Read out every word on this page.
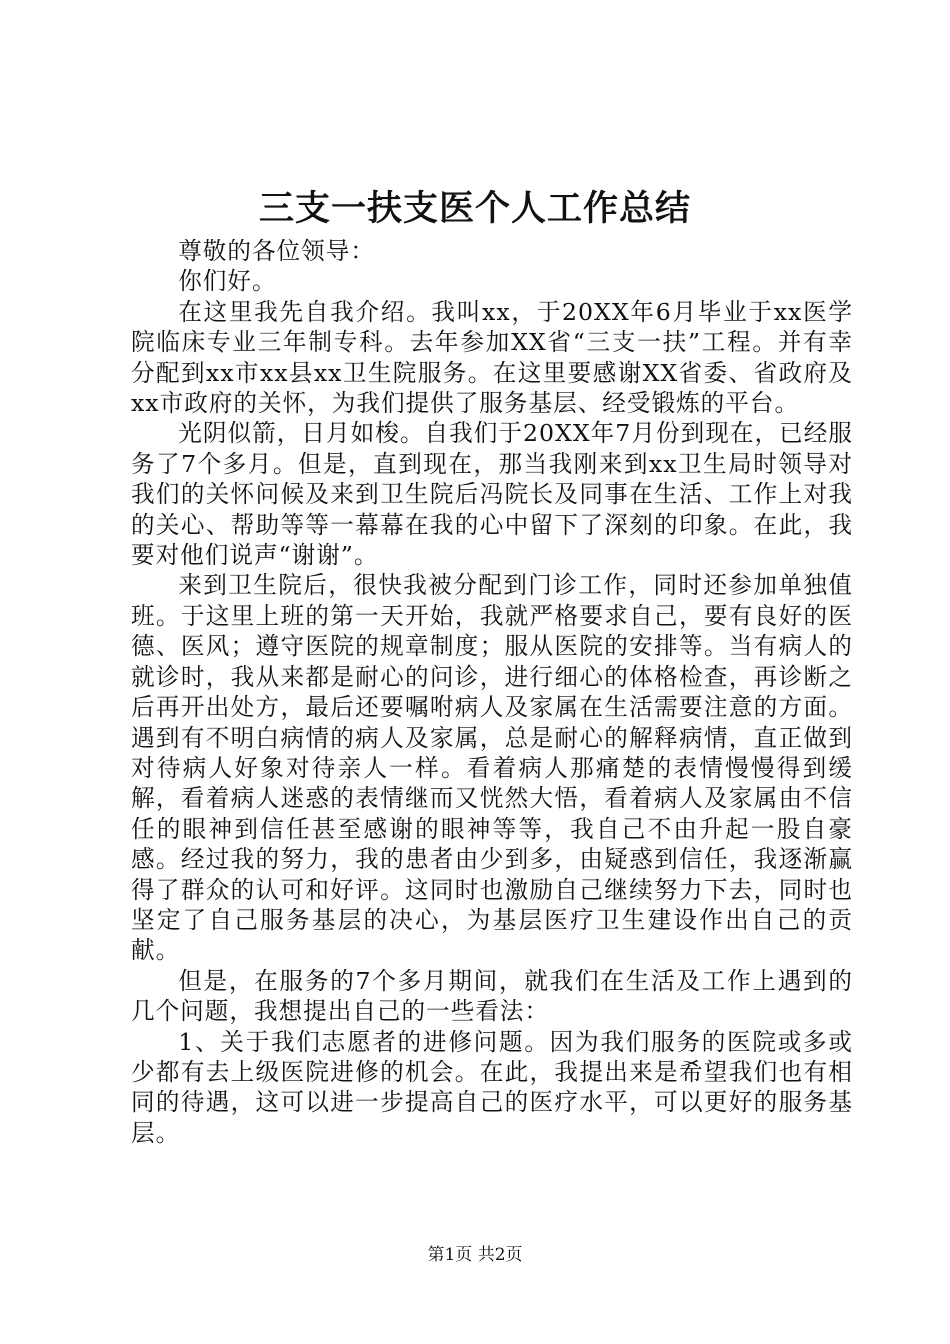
三支一扶支医个人工作总结

尊敬的各位领导：

你们好。

在这里我先自我介绍。我叫xx，于20XX年6月毕业于xx医学院临床专业三年制专科。去年参加XX省“三支一扶”工程。并有幸分配到xx市xx县xx卫生院服务。在这里要感谢XX省委、省政府及xx市政府的关怀，为我们提供了服务基层、经受锻炼的平台。

光阴似箭，日月如梭。自我们于20XX年7月份到现在，已经服务了7个多月。但是，直到现在，那当我刚来到xx卫生局时领导对我们的关怀问候及来到卫生院后冯院长及同事在生活、工作上对我的关心、帮助等等一幕幕在我的心中留下了深刻的印象。在此，我要对他们说声“谢谢”。

来到卫生院后，很快我被分配到门诊工作，同时还参加单独值班。于这里上班的第一天开始，我就严格要求自己，要有良好的医德、医风；遵守医院的规章制度；服从医院的安排等。当有病人的就诊时，我从来都是耐心的问诊，进行细心的体格检查，再诊断之后再开出处方，最后还要嘱咐病人及家属在生活需要注意的方面。遇到有不明白病情的病人及家属，总是耐心的解释病情，直正做到对待病人好象对待亲人一样。看着病人那痛楚的表情慢慢得到缓解，看着病人迷惑的表情继而又恍然大悟，看着病人及家属由不信任的眼神到信任甚至感谢的眼神等等，我自己不由升起一股自豪感。经过我的努力，我的患者由少到多，由疑惑到信任，我逐渐赢得了群众的认可和好评。这同时也激励自己继续努力下去，同时也坚定了自己服务基层的决心，为基层医疗卫生建设作出自己的贡献。

但是，在服务的7个多月期间，就我们在生活及工作上遇到的几个问题，我想提出自己的一些看法：

1、关于我们志愿者的进修问题。因为我们服务的医院或多或少都有去上级医院进修的机会。在此，我提出来是希望我们也有相同的待遇，这可以进一步提高自己的医疗水平，可以更好的服务基层。

第1页 共2页
